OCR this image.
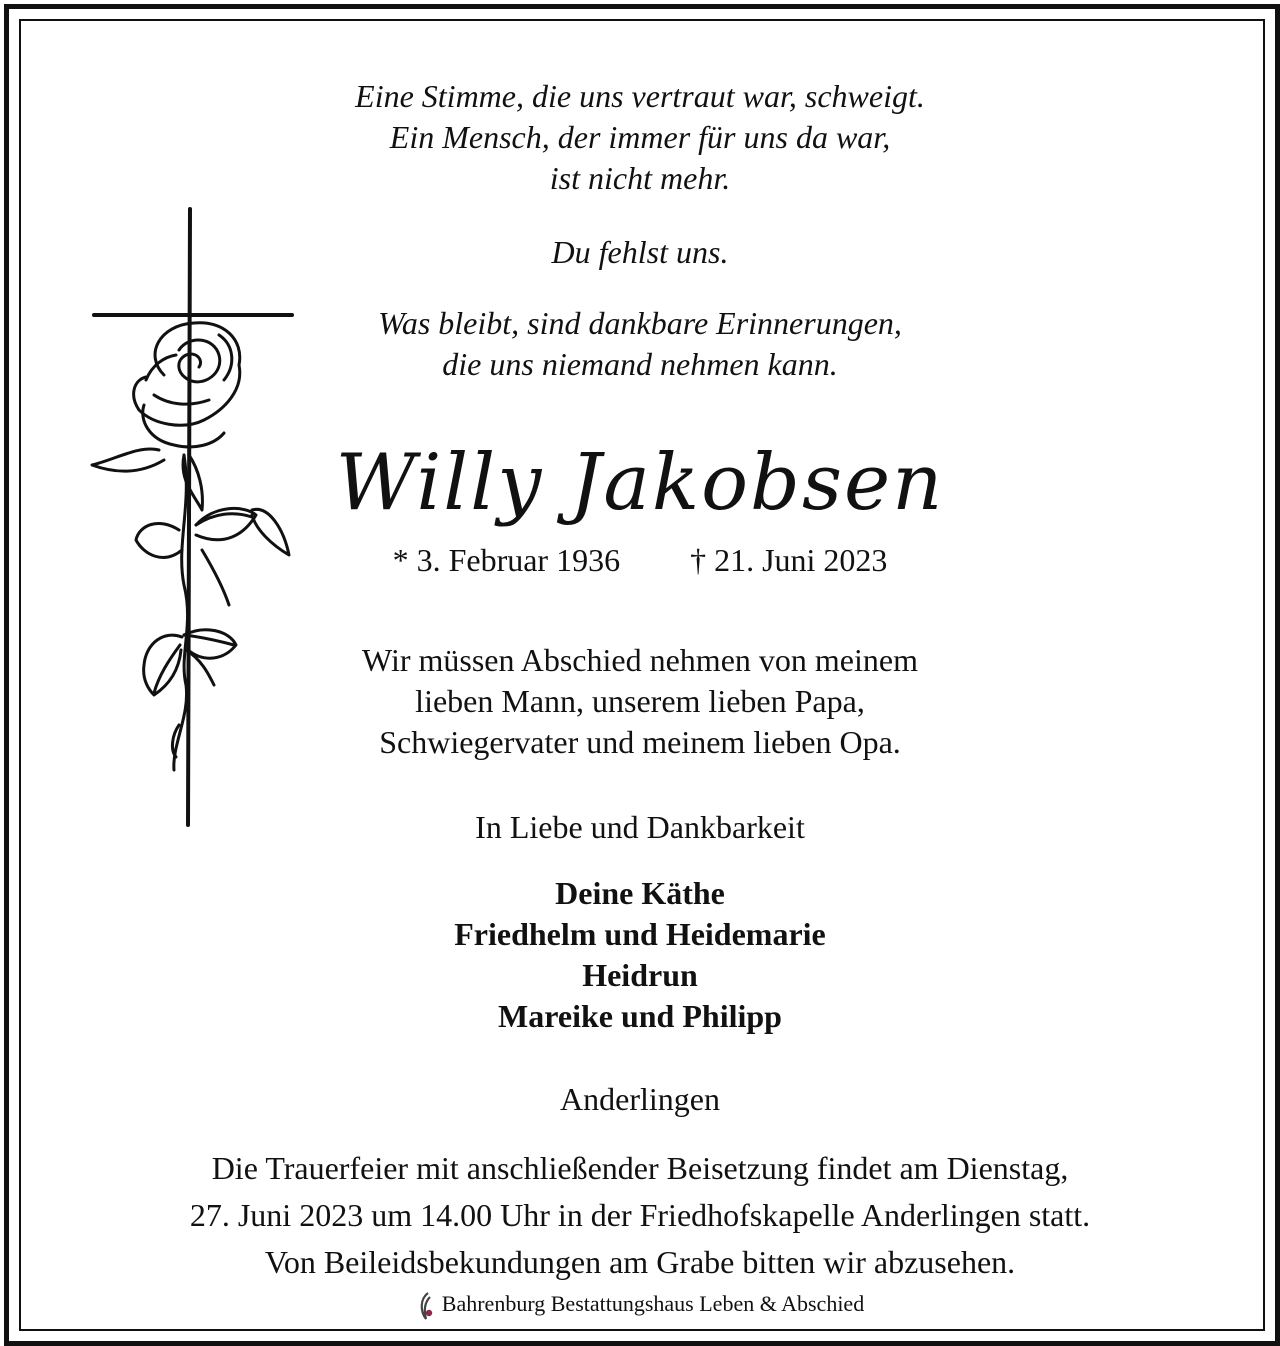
Eine Stimme, die uns vertraut war, schweigt.
Ein Mensch, der immer für uns da war,
ist nicht mehr.
Du fehlst uns.
Was bleibt, sind dankbare Erinnerungen,
die uns niemand nehmen kann.
Willy Jakobsen
* 3. Februar 1936 † 21. Juni 2023
Wir müssen Abschied nehmen von meinem
lieben Mann, unserem lieben Papa,
Schwiegervater und meinem lieben Opa.
In Liebe und Dankbarkeit
Deine Käthe
Friedhelm und Heidemarie
Heidrun
Mareike und Philipp
Anderlingen
Die Trauerfeier mit anschließender Beisetzung findet am Dienstag,
27. Juni 2023 um 14.00 Uhr in der Friedhofskapelle Anderlingen statt.
Von Beileidsbekundungen am Grabe bitten wir abzusehen.
Bahrenburg Bestattungshaus Leben & Abschied
